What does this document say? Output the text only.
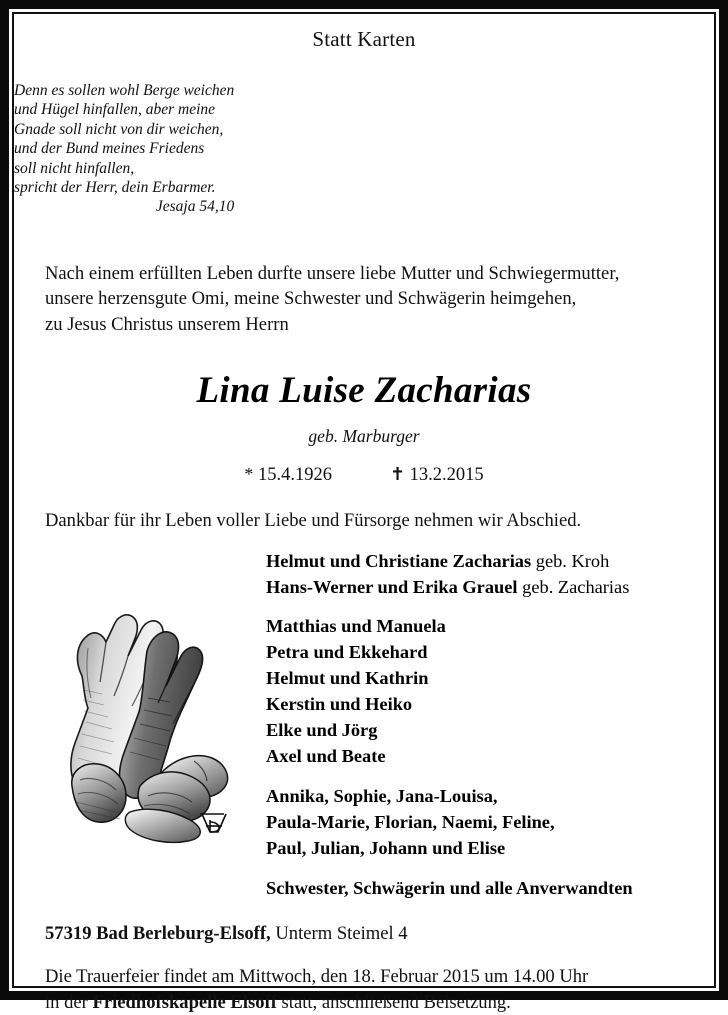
Statt Karten
Denn es sollen wohl Berge weichen
und Hügel hinfallen, aber meine
Gnade soll nicht von dir weichen,
und der Bund meines Friedens
soll nicht hinfallen,
spricht der Herr, dein Erbarmer.
Jesaja 54,10
Nach einem erfüllten Leben durfte unsere liebe Mutter und Schwiegermutter,
unsere herzensgute Omi, meine Schwester und Schwägerin heimgehen,
zu Jesus Christus unserem Herrn
Lina Luise Zacharias
geb. Marburger
* 15.4.1926	✝ 13.2.2015
Dankbar für ihr Leben voller Liebe und Fürsorge nehmen wir Abschied.
Helmut und Christiane Zacharias geb. Kroh
Hans-Werner und Erika Grauel geb. Zacharias
Matthias und Manuela
Petra und Ekkehard
Helmut und Kathrin
Kerstin und Heiko
Elke und Jörg
Axel und Beate
Annika, Sophie, Jana-Louisa,
Paula-Marie, Florian, Naemi, Feline,
Paul, Julian, Johann und Elise
Schwester, Schwägerin und alle Anverwandten
57319 Bad Berleburg-Elsoff, Unterm Steimel 4
Die Trauerfeier findet am Mittwoch, den 18. Februar 2015 um 14.00 Uhr
in der Friedhofskapelle Elsoff statt, anschließend Beisetzung.
